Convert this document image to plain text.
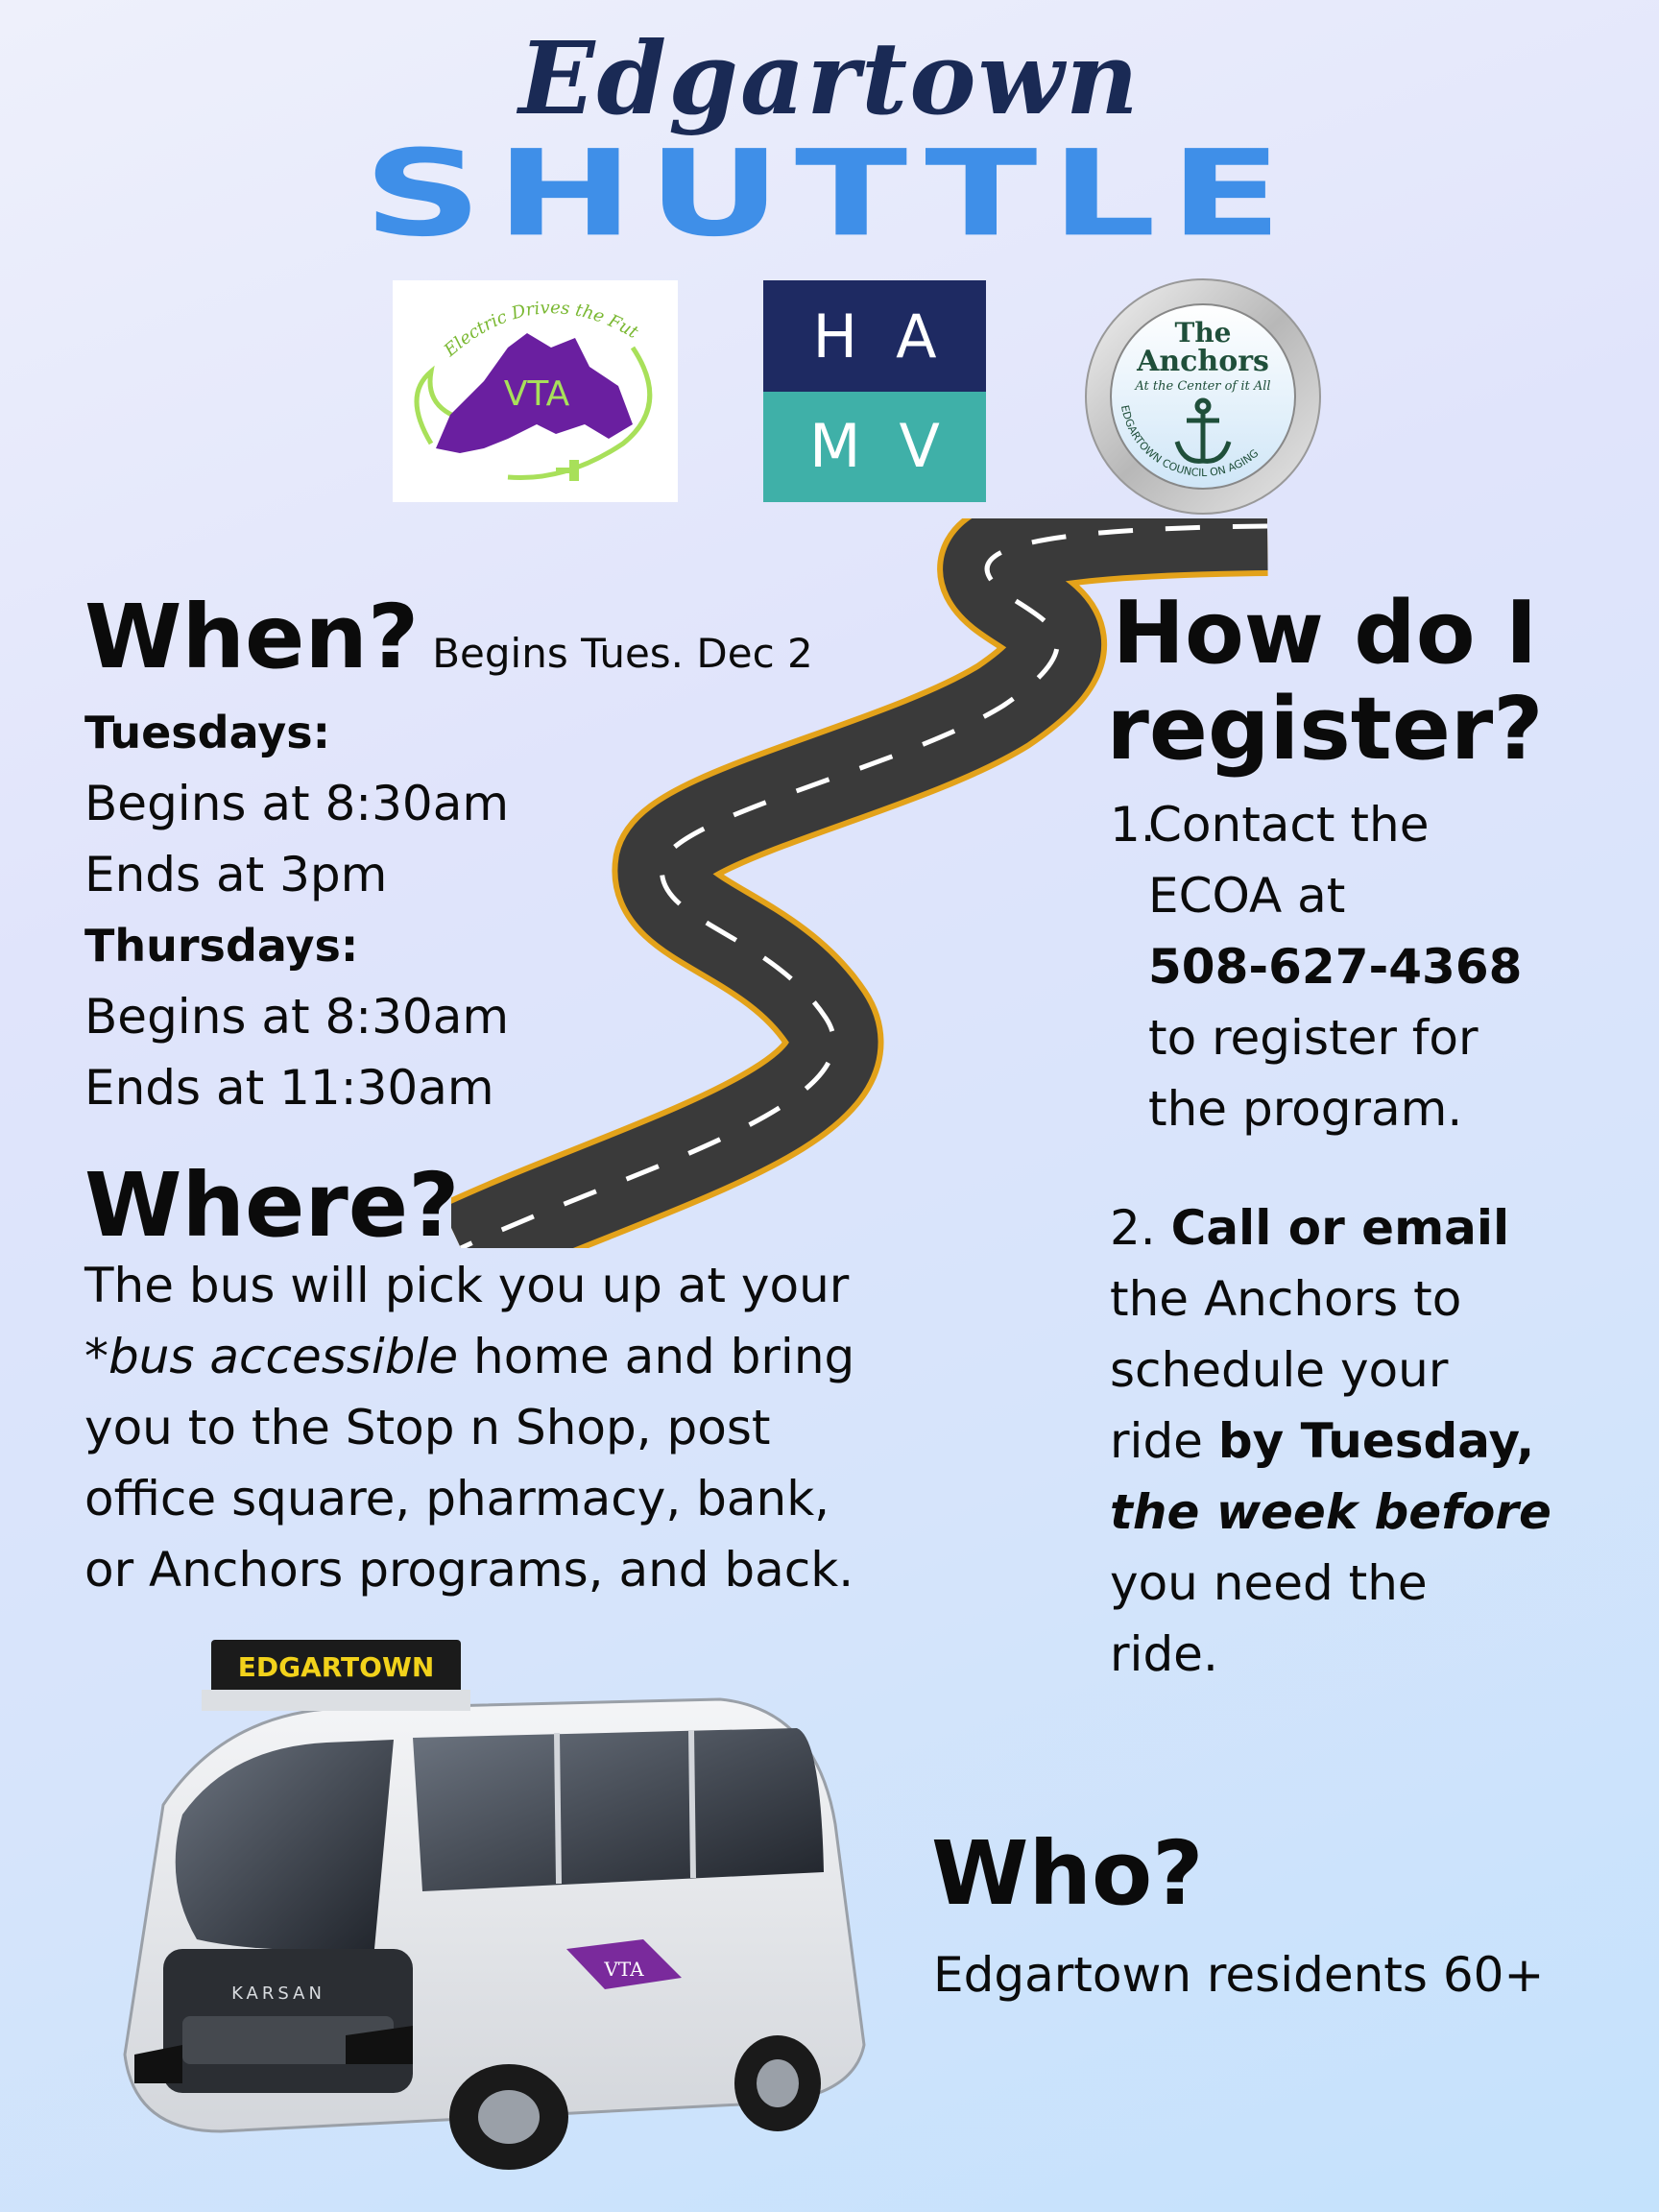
Edgartown
SHUTTLE
Electric Drives the Fut
VTA
HA
MV
The
Anchors
At the Center of it All
EDGARTOWN COUNCIL ON AGING
When? Begins Tues. Dec 2
Tuesdays:
Begins at 8:30am
Ends at 3pm
Thursdays:
Begins at 8:30am
Ends at 11:30am
Where?
The bus will pick you up at your
*bus accessible home and bring
you to the Stop n Shop, post
office square, pharmacy, bank,
or Anchors programs, and back.
How do I
register?
1.
Contact the
ECOA at
508-627-4368
to register for
the program.
2. Call or email
the Anchors to
schedule your
ride by Tuesday,
the week before
you need the
ride.
EDGARTOWN
KARSAN
VTA
Who?
Edgartown residents 60+
